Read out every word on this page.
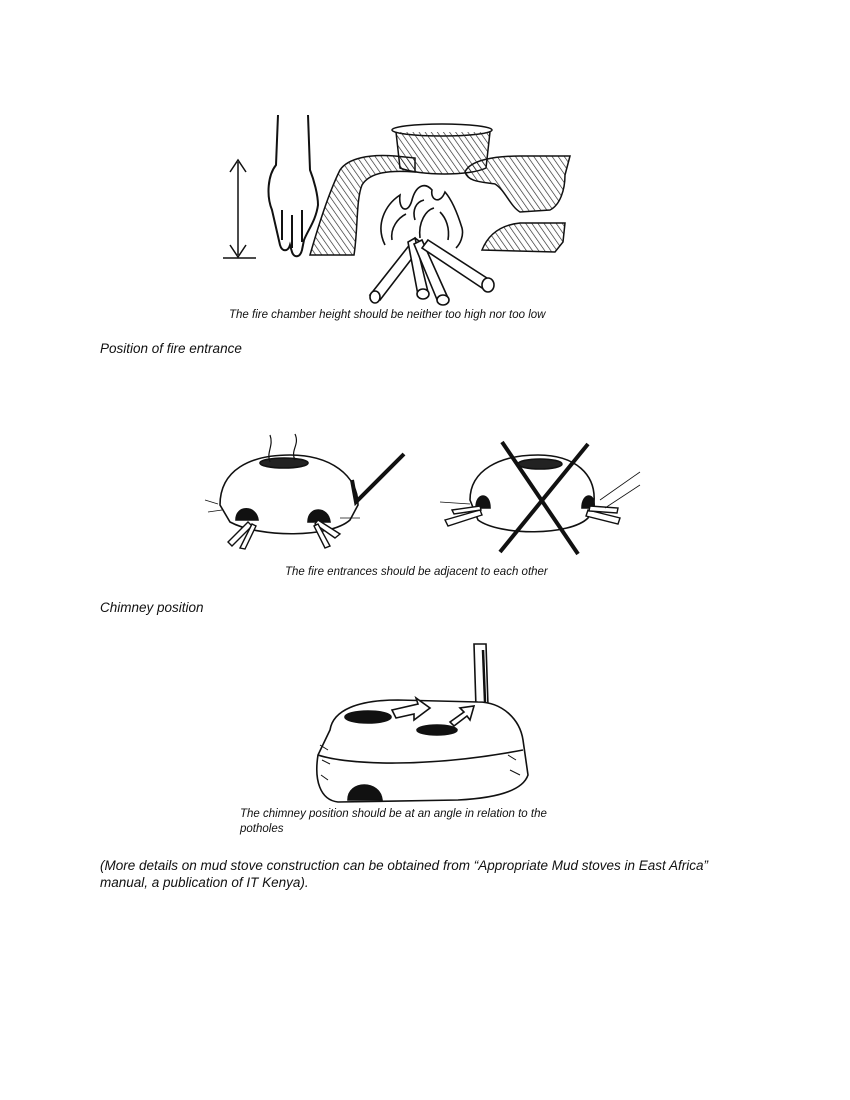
The fire chamber height should be neither too high nor too low
Position of fire entrance
The fire entrances should be adjacent to each other
Chimney position
The chimney position should be at an angle in relation to the
potholes
(More details on mud stove construction can be obtained from “Appropriate Mud stoves in East Africa”
manual, a publication of IT Kenya).
